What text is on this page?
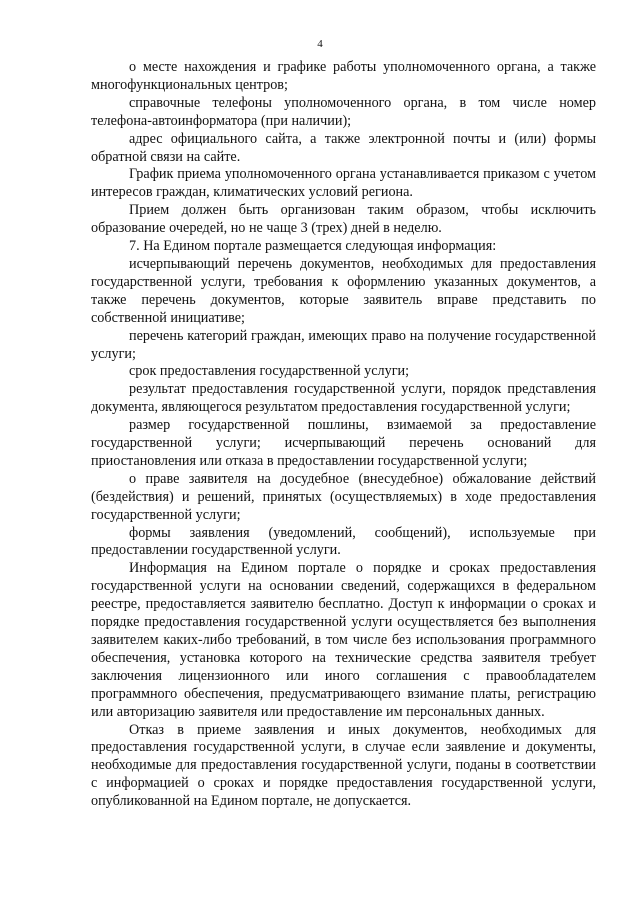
4

о месте нахождения и графике работы уполномоченного органа, а также многофункциональных центров;

справочные телефоны уполномоченного органа, в том числе номер телефона-автоинформатора (при наличии);

адрес официального сайта, а также электронной почты и (или) формы обратной связи на сайте.

График приема уполномоченного органа устанавливается приказом с учетом интересов граждан, климатических условий региона.

Прием должен быть организован таким образом, чтобы исключить образование очередей, но не чаще 3 (трех) дней в неделю.

7. На Едином портале размещается следующая информация:

исчерпывающий перечень документов, необходимых для предоставления государственной услуги, требования к оформлению указанных документов, а также перечень документов, которые заявитель вправе представить по собственной инициативе;

перечень категорий граждан, имеющих право на получение государственной услуги;

срок предоставления государственной услуги;

результат предоставления государственной услуги, порядок представления документа, являющегося результатом предоставления государственной услуги;

размер государственной пошлины, взимаемой за предоставление государственной услуги; исчерпывающий перечень оснований для приостановления или отказа в предоставлении государственной услуги;

о праве заявителя на досудебное (внесудебное) обжалование действий (бездействия) и решений, принятых (осуществляемых) в ходе предоставления государственной услуги;

формы заявления (уведомлений, сообщений), используемые при предоставлении государственной услуги.

Информация на Едином портале о порядке и сроках предоставления государственной услуги на основании сведений, содержащихся в федеральном реестре, предоставляется заявителю бесплатно. Доступ к информации о сроках и порядке предоставления государственной услуги осуществляется без выполнения заявителем каких-либо требований, в том числе без использования программного обеспечения, установка которого на технические средства заявителя требует заключения лицензионного или иного соглашения с правообладателем программного обеспечения, предусматривающего взимание платы, регистрацию или авторизацию заявителя или предоставление им персональных данных.

Отказ в приеме заявления и иных документов, необходимых для предоставления государственной услуги, в случае если заявление и документы, необходимые для предоставления государственной услуги, поданы в соответствии с информацией о сроках и порядке предоставления государственной услуги, опубликованной на Едином портале, не допускается.
